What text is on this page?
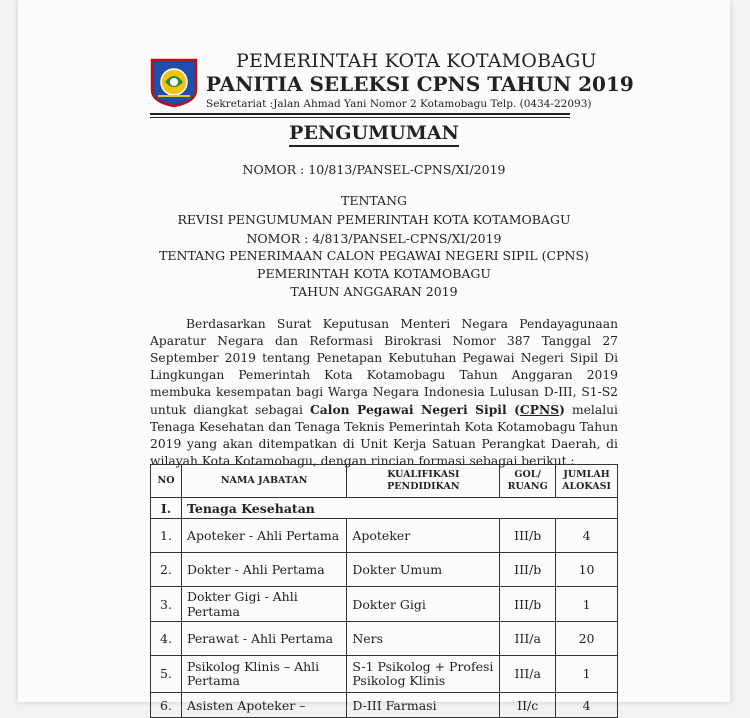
PEMERINTAH KOTA KOTAMOBAGU
PANITIA SELEKSI CPNS TAHUN 2019
Sekretariat :Jalan Ahmad Yani Nomor 2 Kotamobagu Telp. (0434-22093)
PENGUMUMAN
NOMOR : 10/813/PANSEL-CPNS/XI/2019
TENTANG
REVISI PENGUMUMAN PEMERINTAH KOTA KOTAMOBAGU
NOMOR : 4/813/PANSEL-CPNS/XI/2019
TENTANG PENERIMAAN CALON PEGAWAI NEGERI SIPIL (CPNS)
PEMERINTAH KOTA KOTAMOBAGU
TAHUN ANGGARAN 2019

Berdasarkan Surat Keputusan Menteri Negara Pendayagunaan Aparatur Negara dan Reformasi Birokrasi Nomor 387 Tanggal 27 September 2019 tentang Penetapan Kebutuhan Pegawai Negeri Sipil Di Lingkungan Pemerintah Kota Kotamobagu Tahun Anggaran 2019 membuka kesempatan bagi Warga Negara Indonesia Lulusan D-III, S1-S2 untuk diangkat sebagai Calon Pegawai Negeri Sipil (CPNS) melalui Tenaga Kesehatan dan Tenaga Teknis Pemerintah Kota Kotamobagu Tahun 2019 yang akan ditempatkan di Unit Kerja Satuan Perangkat Daerah, di wilayah Kota Kotamobagu, dengan rincian formasi sebagai berikut :

NO	NAMA JABATAN	KUALIFIKASI PENDIDIKAN	GOL/ RUANG	JUMLAH ALOKASI
I.	Tenaga Kesehatan			
1.	Apoteker - Ahli Pertama	Apoteker	III/b	4
2.	Dokter - Ahli Pertama	Dokter Umum	III/b	10
3.	Dokter Gigi - Ahli Pertama	Dokter Gigi	III/b	1
4.	Perawat - Ahli Pertama	Ners	III/a	20
5.	Psikolog Klinis – Ahli Pertama	S-1 Psikolog + Profesi Psikolog Klinis	III/a	1
6.	Asisten Apoteker –	D-III Farmasi	II/c	4
